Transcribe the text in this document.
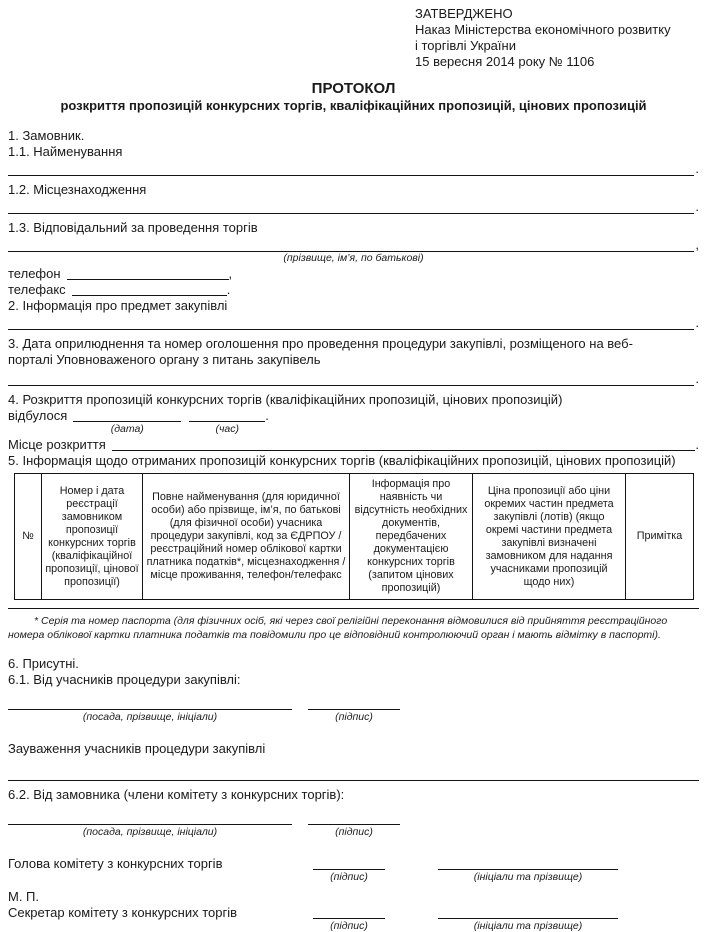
ЗАТВЕРДЖЕНО
Наказ Міністерства економічного розвитку
і торгівлі України
15 вересня 2014 року № 1106
ПРОТОКОЛ
розкриття пропозицій конкурсних торгів, кваліфікаційних пропозицій, цінових пропозицій
1. Замовник.
1.1. Найменування
.
1.2. Місцезнаходження
.
1.3. Відповідальний за проведення торгів
,
(прізвище, ім’я, по батькові)
телефон	,
телефакс	.
2. Інформація про предмет закупівлі
.
3. Дата оприлюднення та номер оголошення про проведення процедури закупівлі, розміщеного на веб-порталі Уповноваженого органу з питань закупівель
.
4. Розкриття пропозицій конкурсних торгів (кваліфікаційних пропозицій, цінових пропозицій)
відбулося
(дата)	(час)
.
Місце розкриття	.
5. Інформація щодо отриманих пропозицій конкурсних торгів (кваліфікаційних пропозицій, цінових пропозицій)
№	Номер і дата реєстрації замовником пропозиції конкурсних торгів (кваліфікаційної пропозиції, цінової пропозиції)	Повне найменування (для юридичної особи) або прізвище, ім’я, по батькові (для фізичної особи) учасника процедури закупівлі, код за ЄДРПОУ / реєстраційний номер облікової картки платника податків*, місцезнаходження / місце проживання, телефон/телефакс	Інформація про наявність чи відсутність необхідних документів, передбачених документацією конкурсних торгів (запитом цінових пропозицій)	Ціна пропозиції або ціни окремих частин предмета закупівлі (лотів) (якщо окремі частини предмета закупівлі визначені замовником для надання учасниками пропозицій щодо них)	Примітка
* Серія та номер паспорта (для фізичних осіб, які через свої релігійні переконання відмовилися від прийняття реєстраційного номера облікової картки платника податків та повідомили про це відповідний контролюючий орган і мають відмітку в паспорті).
6. Присутні.
6.1. Від учасників процедури закупівлі:
(посада, прізвище, ініціали)	(підпис)
Зауваження учасників процедури закупівлі
6.2. Від замовника (члени комітету з конкурсних торгів):
(посада, прізвище, ініціали)	(підпис)
Голова комітету з конкурсних торгів
(підпис)	(ініціали та прізвище)
М. П.
Секретар комітету з конкурсних торгів
(підпис)	(ініціали та прізвище)
